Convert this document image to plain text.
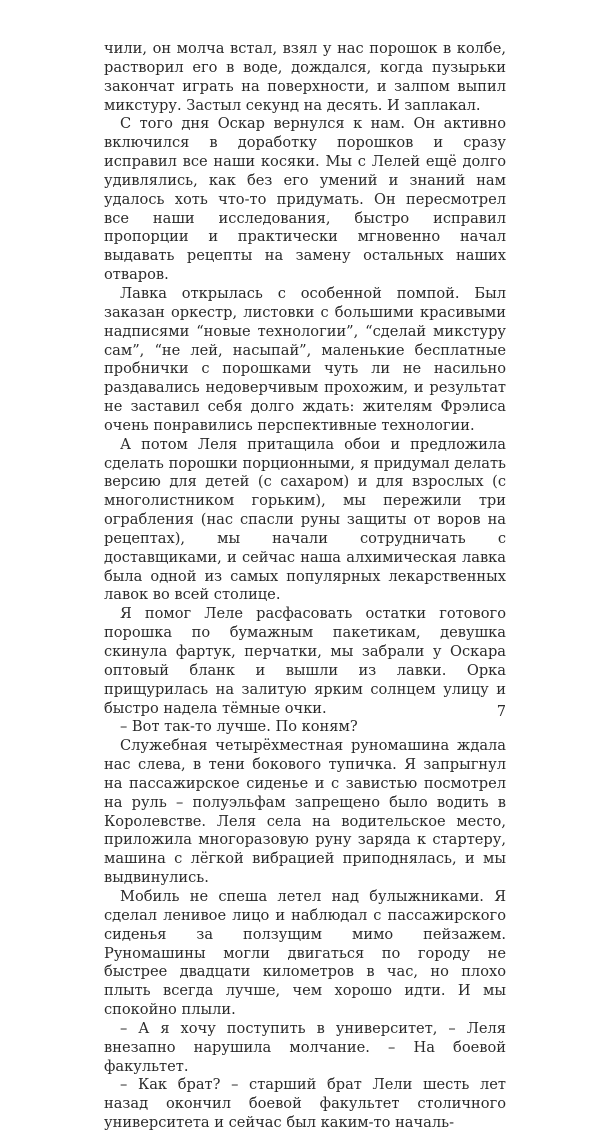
чили, он молча встал, взял у нас порошок в колбе, растворил его в воде, дождался, когда пузырьки закончат играть на поверхности, и залпом выпил микстуру. Застыл секунд на десять. И заплакал.

С того дня Оскар вернулся к нам. Он активно включился в доработку порошков и сразу исправил все наши косяки. Мы с Лелей ещё долго удивлялись, как без его умений и знаний нам удалось хоть что-то придумать. Он пересмотрел все наши исследования, быстро исправил пропорции и практически мгновенно начал выдавать рецепты на замену остальных наших отваров.

Лавка открылась с особенной помпой. Был заказан оркестр, листовки с большими красивыми надписями “новые технологии”, “сделай микстуру сам”, “не лей, насыпай”, маленькие бесплатные пробнички с порошками чуть ли не насильно раздавались недоверчивым прохожим, и результат не заставил себя долго ждать: жителям Фрэлиса очень понравились перспективные технологии.

А потом Леля притащила обои и предложила сделать порошки порционными, я придумал делать версию для детей (с сахаром) и для взрослых (с многолистником горьким), мы пережили три ограбления (нас спасли руны защиты от воров на рецептах), мы начали сотрудничать с доставщиками, и сейчас наша алхимическая лавка была одной из самых популярных лекарственных лавок во всей столице.

Я помог Леле расфасовать остатки готового порошка по бумажным пакетикам, девушка скинула фартук, перчатки, мы забрали у Оскара оптовый бланк и вышли из лавки. Орка прищурилась на залитую ярким солнцем улицу и быстро надела тёмные очки.

– Вот так-то лучше. По коням?

Служебная четырёхместная руномашина ждала нас слева, в тени бокового тупичка. Я запрыгнул на пассажирское сиденье и с завистью посмотрел на руль – полуэльфам запрещено было водить в Королевстве. Леля села на водительское место, приложила многоразовую руну заряда к стартеру, машина с лёгкой вибрацией приподнялась, и мы выдвинулись.

Мобиль не спеша летел над булыжниками. Я сделал ленивое лицо и наблюдал с пассажирского сиденья за ползущим мимо пейзажем. Руномашины могли двигаться по городу не быстрее двадцати километров в час, но плохо плыть всегда лучше, чем хорошо идти. И мы спокойно плыли.

– А я хочу поступить в университет, – Леля внезапно нарушила молчание. – На боевой факультет.

– Как брат? – старший брат Лели шесть лет назад окончил боевой факультет столичного университета и сейчас был каким-то началь-

7
